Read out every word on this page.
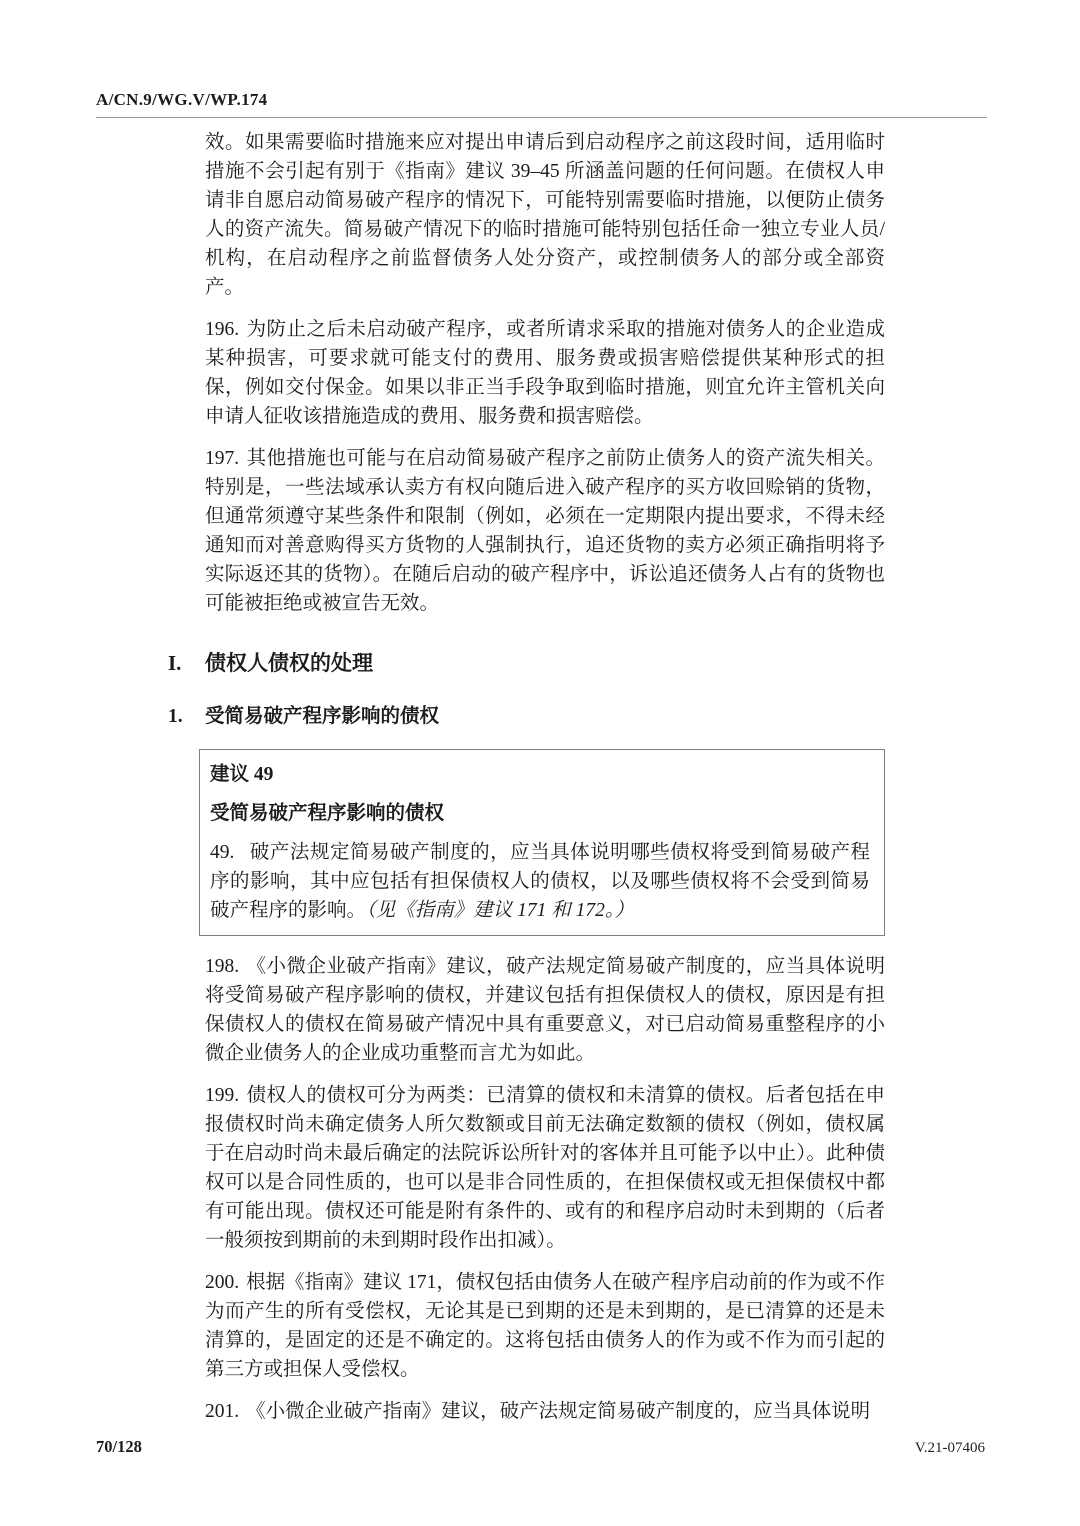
A/CN.9/WG.V/WP.174

效。如果需要临时措施来应对提出申请后到启动程序之前这段时间，适用临时措施不会引起有别于《指南》建议 39–45 所涵盖问题的任何问题。在债权人申请非自愿启动简易破产程序的情况下，可能特别需要临时措施，以便防止债务人的资产流失。简易破产情况下的临时措施可能特别包括任命一独立专业人员/机构，在启动程序之前监督债务人处分资产，或控制债务人的部分或全部资产。

196. 为防止之后未启动破产程序，或者所请求采取的措施对债务人的企业造成某种损害，可要求就可能支付的费用、服务费或损害赔偿提供某种形式的担保，例如交付保金。如果以非正当手段争取到临时措施，则宜允许主管机关向申请人征收该措施造成的费用、服务费和损害赔偿。

197. 其他措施也可能与在启动简易破产程序之前防止债务人的资产流失相关。特别是，一些法域承认卖方有权向随后进入破产程序的买方收回赊销的货物，但通常须遵守某些条件和限制（例如，必须在一定期限内提出要求，不得未经通知而对善意购得买方货物的人强制执行，追还货物的卖方必须正确指明将予实际返还其的货物）。在随后启动的破产程序中，诉讼追还债务人占有的货物也可能被拒绝或被宣告无效。

I. 债权人债权的处理
1. 受简易破产程序影响的债权
建议 49
受简易破产程序影响的债权

49. 破产法规定简易破产制度的，应当具体说明哪些债权将受到简易破产程序的影响，其中应包括有担保债权人的债权，以及哪些债权将不会受到简易破产程序的影响。（见《指南》建议 171 和 172。）

198. 《小微企业破产指南》建议，破产法规定简易破产制度的，应当具体说明将受简易破产程序影响的债权，并建议包括有担保债权人的债权，原因是有担保债权人的债权在简易破产情况中具有重要意义，对已启动简易重整程序的小微企业债务人的企业成功重整而言尤为如此。

199. 债权人的债权可分为两类：已清算的债权和未清算的债权。后者包括在申报债权时尚未确定债务人所欠数额或目前无法确定数额的债权（例如，债权属于在启动时尚未最后确定的法院诉讼所针对的客体并且可能予以中止）。此种债权可以是合同性质的，也可以是非合同性质的，在担保债权或无担保债权中都有可能出现。债权还可能是附有条件的、或有的和程序启动时未到期的（后者一般须按到期前的未到期时段作出扣减）。

200. 根据《指南》建议 171，债权包括由债务人在破产程序启动前的作为或不作为而产生的所有受偿权，无论其是已到期的还是未到期的，是已清算的还是未清算的，是固定的还是不确定的。这将包括由债务人的作为或不作为而引起的第三方或担保人受偿权。

201. 《小微企业破产指南》建议，破产法规定简易破产制度的，应当具体说明

70/128	V.21-07406
